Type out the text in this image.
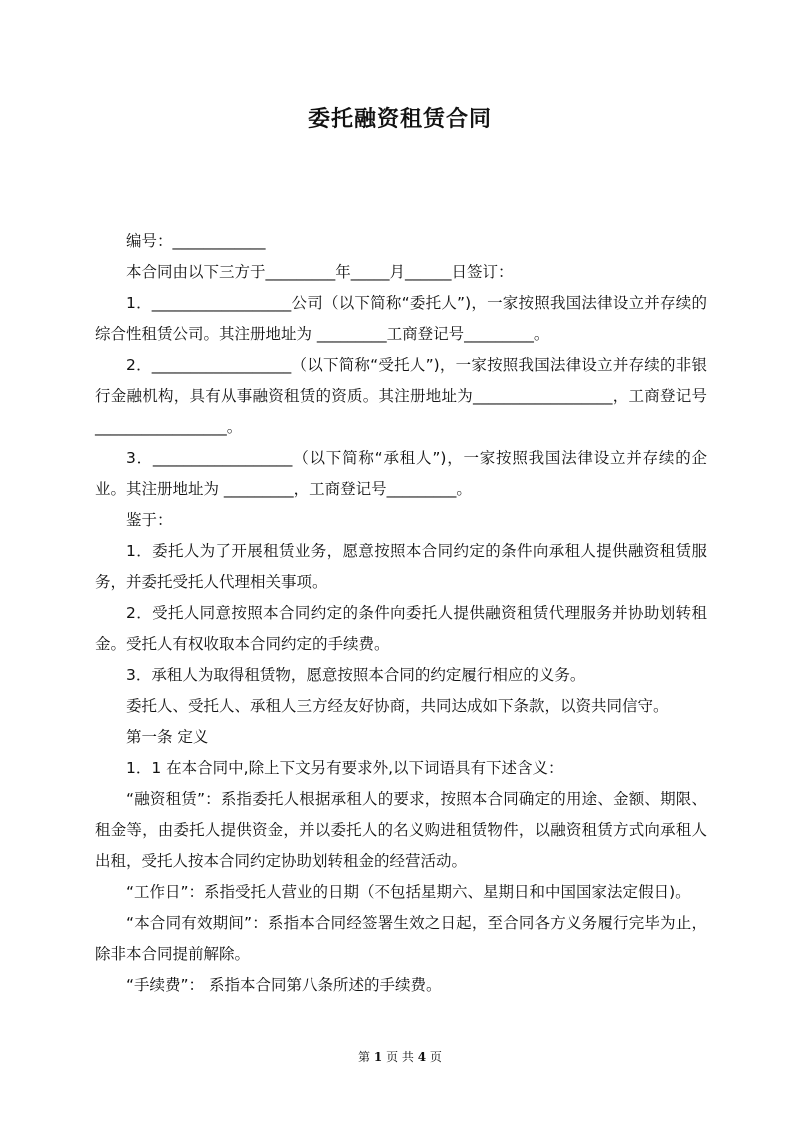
委托融资租赁合同

编号：____________

本合同由以下三方于_________年_____月______日签订：

1．__________________公司（以下简称“委托人”)，一家按照我国法律设立并存续的综合性租赁公司。其注册地址为 _________工商登记号_________。

2．__________________（以下简称“受托人”)，一家按照我国法律设立并存续的非银行金融机构，具有从事融资租赁的资质。其注册地址为__________________，工商登记号_________________。

3．__________________（以下简称“承租人”)，一家按照我国法律设立并存续的企业。其注册地址为 _________，工商登记号_________。

鉴于：

1．委托人为了开展租赁业务，愿意按照本合同约定的条件向承租人提供融资租赁服务，并委托受托人代理相关事项。

2．受托人同意按照本合同约定的条件向委托人提供融资租赁代理服务并协助划转租金。受托人有权收取本合同约定的手续费。

3．承租人为取得租赁物，愿意按照本合同的约定履行相应的义务。

委托人、受托人、承租人三方经友好协商，共同达成如下条款，以资共同信守。

第一条 定义

1．1 在本合同中,除上下文另有要求外,以下词语具有下述含义：

“融资租赁”：系指委托人根据承租人的要求，按照本合同确定的用途、金额、期限、租金等，由委托人提供资金，并以委托人的名义购进租赁物件，以融资租赁方式向承租人出租，受托人按本合同约定协助划转租金的经营活动。

“工作日”：系指受托人营业的日期（不包括星期六、星期日和中国国家法定假日)。

“本合同有效期间”：系指本合同经签署生效之日起，至合同各方义务履行完毕为止，除非本合同提前解除。

“手续费”： 系指本合同第八条所述的手续费。

第 1 页 共 4 页
